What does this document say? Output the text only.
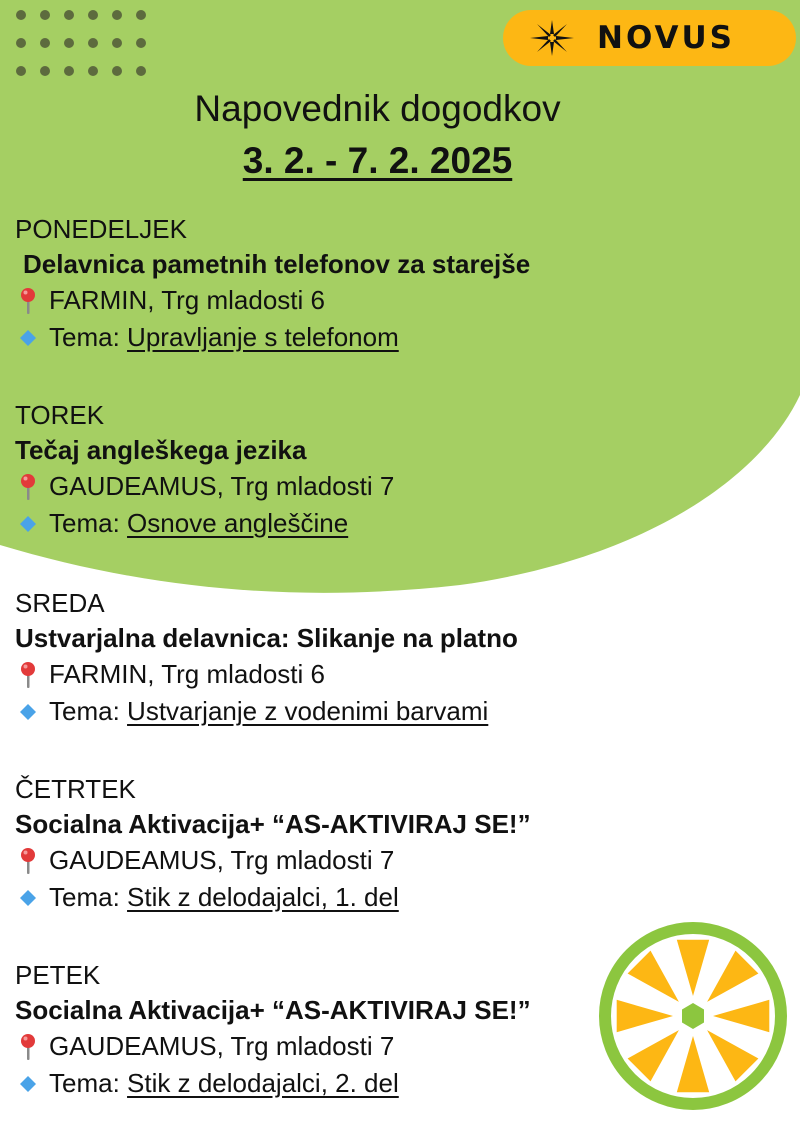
NOVUS
Napovednik dogodkov
3. 2. - 7. 2. 2025
PONEDELJEK
Delavnica pametnih telefonov za starejše
FARMIN, Trg mladosti 6
Tema:
Upravljanje s telefonom
TOREK
Tečaj angleškega jezika
GAUDEAMUS, Trg mladosti 7
Tema:
Osnove angleščine
SREDA
Ustvarjalna delavnica: Slikanje na platno
FARMIN, Trg mladosti 6
Tema:
Ustvarjanje z vodenimi barvami
ČETRTEK
Socialna Aktivacija+ “AS-AKTIVIRAJ SE!”
GAUDEAMUS, Trg mladosti 7
Tema:
Stik z delodajalci, 1. del
PETEK
Socialna Aktivacija+ “AS-AKTIVIRAJ SE!”
GAUDEAMUS, Trg mladosti 7
Tema:
Stik z delodajalci, 2. del
